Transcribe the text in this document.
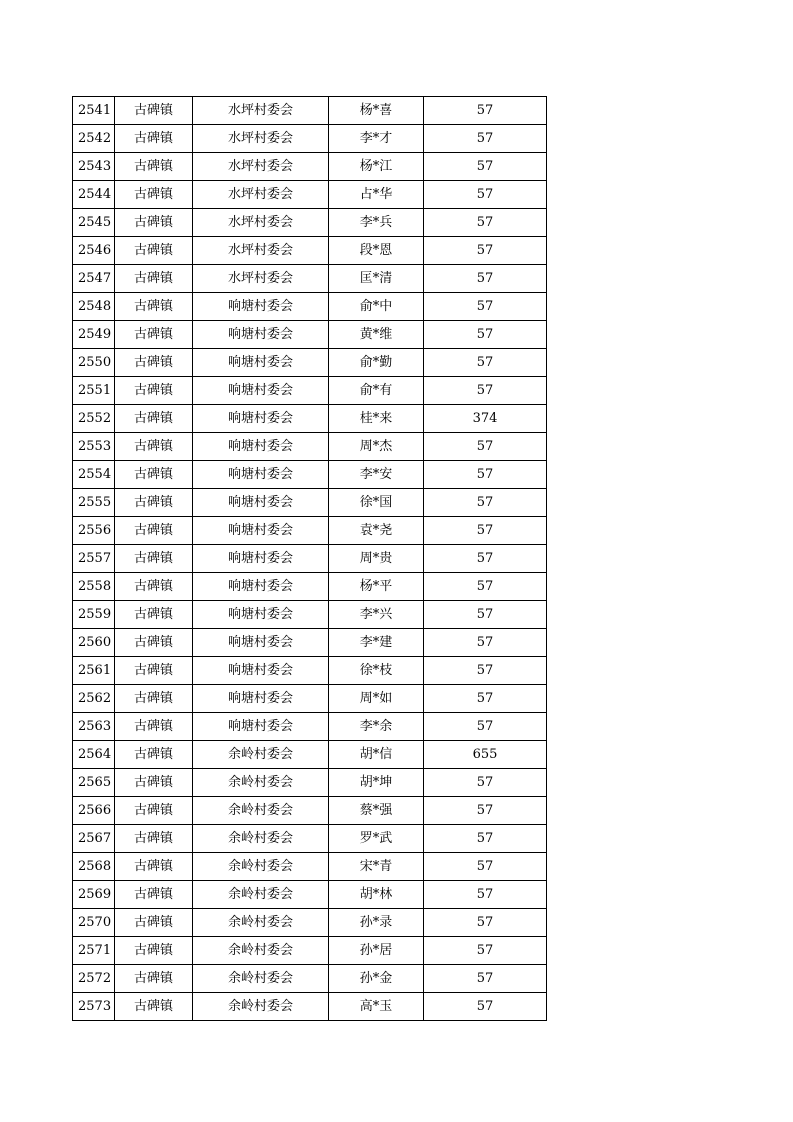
2541	古碑镇	水坪村委会	杨*喜	57
2542	古碑镇	水坪村委会	李*才	57
2543	古碑镇	水坪村委会	杨*江	57
2544	古碑镇	水坪村委会	占*华	57
2545	古碑镇	水坪村委会	李*兵	57
2546	古碑镇	水坪村委会	段*恩	57
2547	古碑镇	水坪村委会	匡*清	57
2548	古碑镇	响塘村委会	俞*中	57
2549	古碑镇	响塘村委会	黄*维	57
2550	古碑镇	响塘村委会	俞*勤	57
2551	古碑镇	响塘村委会	俞*有	57
2552	古碑镇	响塘村委会	桂*来	374
2553	古碑镇	响塘村委会	周*杰	57
2554	古碑镇	响塘村委会	李*安	57
2555	古碑镇	响塘村委会	徐*国	57
2556	古碑镇	响塘村委会	袁*尧	57
2557	古碑镇	响塘村委会	周*贵	57
2558	古碑镇	响塘村委会	杨*平	57
2559	古碑镇	响塘村委会	李*兴	57
2560	古碑镇	响塘村委会	李*建	57
2561	古碑镇	响塘村委会	徐*枝	57
2562	古碑镇	响塘村委会	周*如	57
2563	古碑镇	响塘村委会	李*余	57
2564	古碑镇	余岭村委会	胡*信	655
2565	古碑镇	余岭村委会	胡*坤	57
2566	古碑镇	余岭村委会	蔡*强	57
2567	古碑镇	余岭村委会	罗*武	57
2568	古碑镇	余岭村委会	宋*青	57
2569	古碑镇	余岭村委会	胡*林	57
2570	古碑镇	余岭村委会	孙*录	57
2571	古碑镇	余岭村委会	孙*居	57
2572	古碑镇	余岭村委会	孙*金	57
2573	古碑镇	余岭村委会	高*玉	57
